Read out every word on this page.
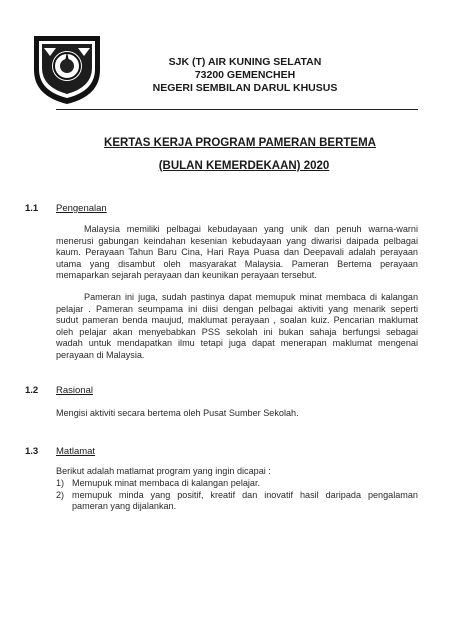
SJK (T) AIR KUNING SELATAN
73200 GEMENCHEH
NEGERI SEMBILAN DARUL KHUSUS
KERTAS KERJA PROGRAM PAMERAN BERTEMA
(BULAN KEMERDEKAAN) 2020
1.1 Pengenalan
Malaysia memiliki pelbagai kebudayaan yang unik dan penuh warna-warni
menerusi gabungan keindahan kesenian kebudayaan yang diwarisi daipada pelbagai
kaum. Perayaan Tahun Baru Cina, Hari Raya Puasa dan Deepavali adalah perayaan
utama yang disambut oleh masyarakat Malaysia. Pameran Bertema perayaan
memaparkan sejarah perayaan dan keunikan perayaan tersebut.
Pameran ini juga, sudah pastinya dapat memupuk minat membaca di kalangan
pelajar . Pameran seumpama ini diisi dengan pelbagai aktiviti yang menarik seperti
sudut pameran benda maujud, maklumat perayaan , soalan kuiz. Pencarian maklumat
oleh pelajar akan menyebabkan PSS sekolah ini bukan sahaja berfungsi sebagai
wadah untuk mendapatkan ilmu tetapi juga dapat menerapan maklumat mengenai
perayaan di Malaysia.
1.2 Rasional
Mengisi aktiviti secara bertema oleh Pusat Sumber Sekolah.
1.3 Matlamat
Berikut adalah matlamat program yang ingin dicapai :
1) Memupuk minat membaca di kalangan pelajar.
2) memupuk minda yang positif, kreatif dan inovatif hasil daripada pengalaman
pameran yang dijalankan.
